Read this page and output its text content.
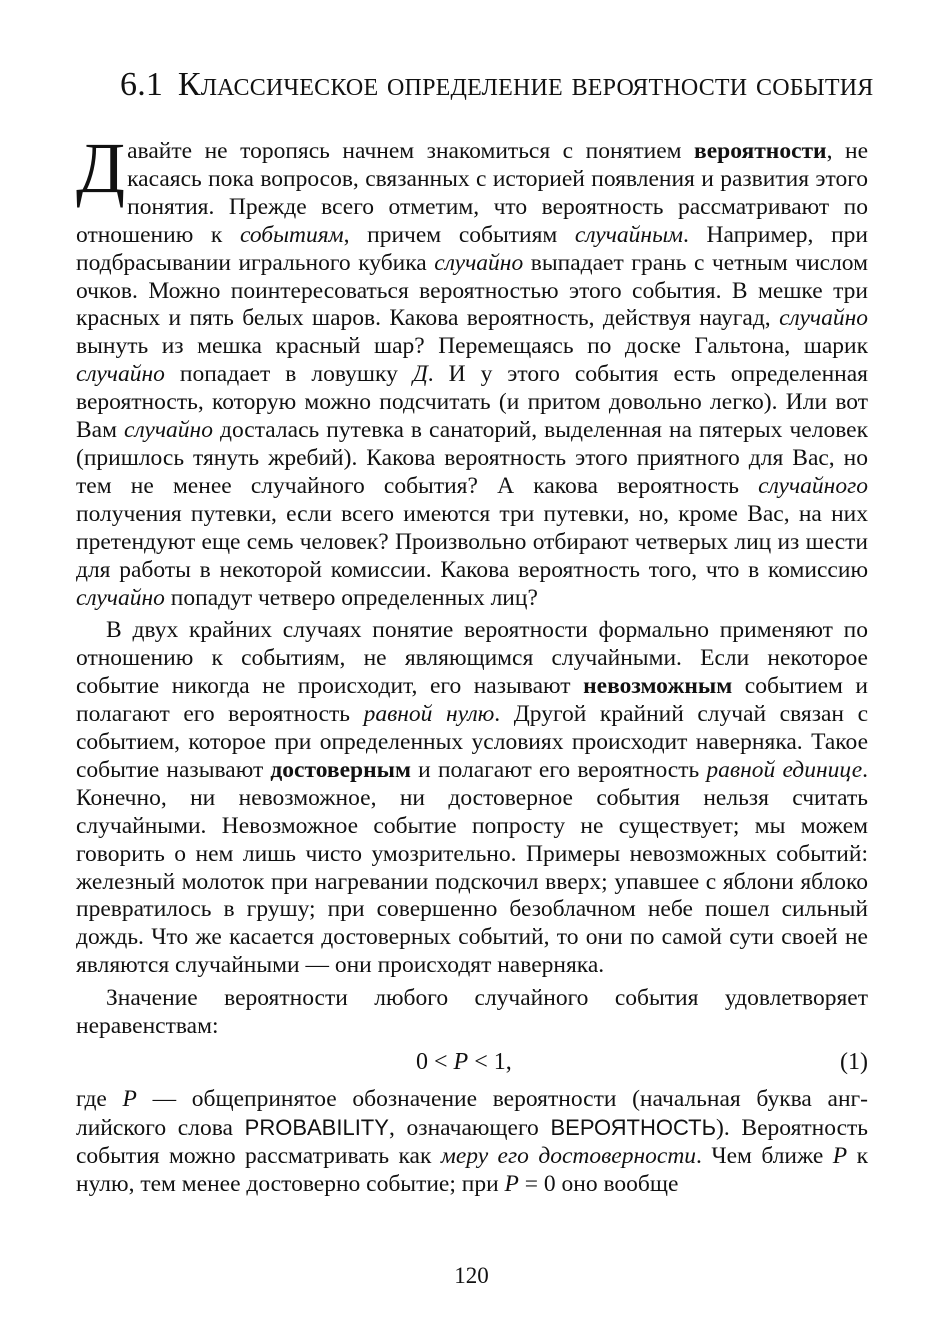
6.1 Классическое определение вероятности события

Давайте не торопясь начнем знакомиться с понятием вероятности, не касаясь пока вопросов, связанных с историей появления и развития этого понятия. Прежде всего отметим, что вероятность рассматривают по отношению к событиям, причем событиям случайным. Например, при подбрасывании игрального кубика случайно выпадает грань с четным числом очков. Можно поинтересоваться вероятностью этого события. В мешке три красных и пять белых шаров. Какова вероятность, действуя наугад, случайно вынуть из мешка красный шар? Перемещаясь по доске Гальтона, шарик случайно попадает в ловушку Д. И у этого события есть определенная вероятность, которую можно подсчитать (и притом довольно легко). Или вот Вам случайно досталась путевка в санаторий, выделенная на пятерых человек (пришлось тянуть жребий). Какова вероятность этого приятного для Вас, но тем не менее случайного события? А какова вероятность случайного получения путевки, если всего имеются три путевки, но, кроме Вас, на них претендуют еще семь человек? Произвольно отбирают четверых лиц из шести для работы в некоторой комиссии. Какова вероятность того, что в комиссию случайно попадут четверо определенных лиц?

В двух крайних случаях понятие вероятности формально применяют по отношению к событиям, не являющимся случайными. Если некоторое событие никогда не происходит, его называют невозможным событием и полагают его вероятность равной нулю. Другой крайний случай связан с событием, которое при определенных условиях происходит наверняка. Такое событие называют достоверным и полагают его вероятность равной единице. Конечно, ни невозможное, ни достоверное события нельзя считать случайными. Невозможное событие попросту не существует; мы можем говорить о нем лишь чисто умозрительно. Примеры невозможных событий: железный молоток при нагревании подскочил вверх; упавшее с яблони яблоко превратилось в грушу; при совершенно безоблачном небе пошел сильный дождь. Что же касается достоверных событий, то они по самой сути своей не являются случайными — они происходят наверняка.

Значение вероятности любого случайного события удовлетворяет неравенствам:

0 < P < 1,	(1)

где P — общепринятое обозначение вероятности (начальная буква английского слова PROBABILITY, означающего ВЕРОЯТНОСТЬ). Вероятность события можно рассматривать как меру его достоверности. Чем ближе P к нулю, тем менее достоверно событие; при P = 0 оно вообще

120
